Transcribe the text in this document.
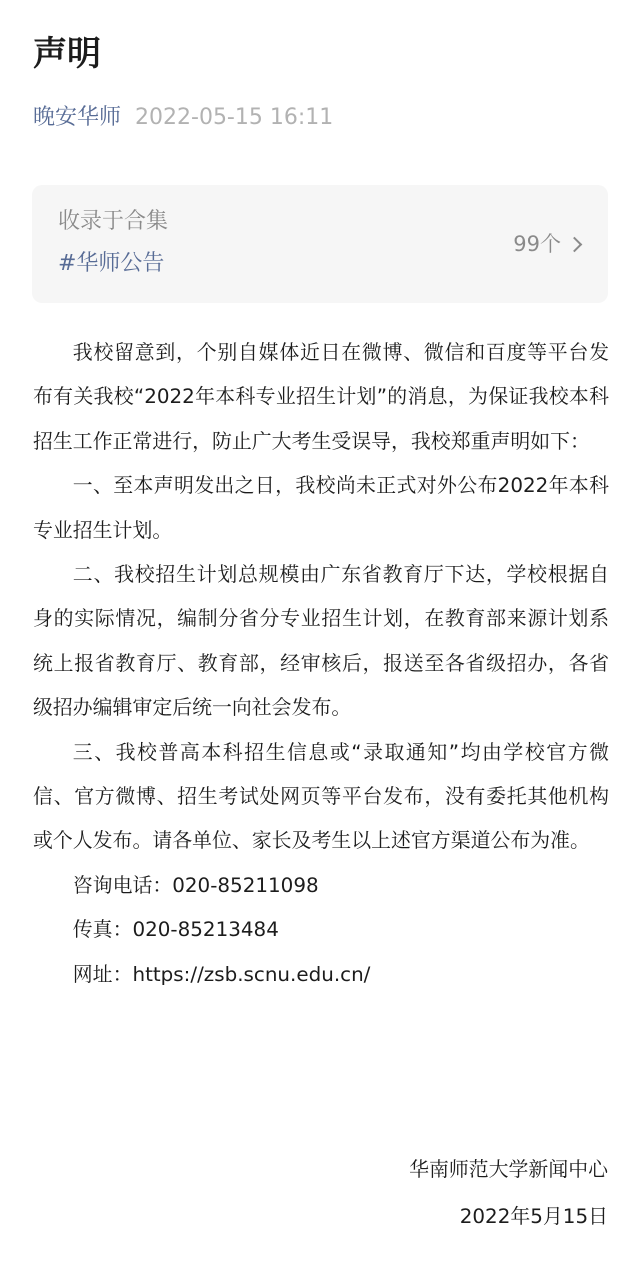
声明
晚安华师 2022-05-15 16:11
收录于合集
#华师公告
99个

我校留意到，个别自媒体近日在微博、微信和百度等平台发布有关我校“2022年本科专业招生计划”的消息，为保证我校本科招生工作正常进行，防止广大考生受误导，我校郑重声明如下：

一、至本声明发出之日，我校尚未正式对外公布2022年本科专业招生计划。

二、我校招生计划总规模由广东省教育厅下达，学校根据自身的实际情况，编制分省分专业招生计划，在教育部来源计划系统上报省教育厅、教育部，经审核后，报送至各省级招办，各省级招办编辑审定后统一向社会发布。

三、我校普高本科招生信息或“录取通知”均由学校官方微信、官方微博、招生考试处网页等平台发布，没有委托其他机构或个人发布。请各单位、家长及考生以上述官方渠道公布为准。

咨询电话：020-85211098

传真：020-85213484

网址：https://zsb.scnu.edu.cn/

华南师范大学新闻中心
2022年5月15日
